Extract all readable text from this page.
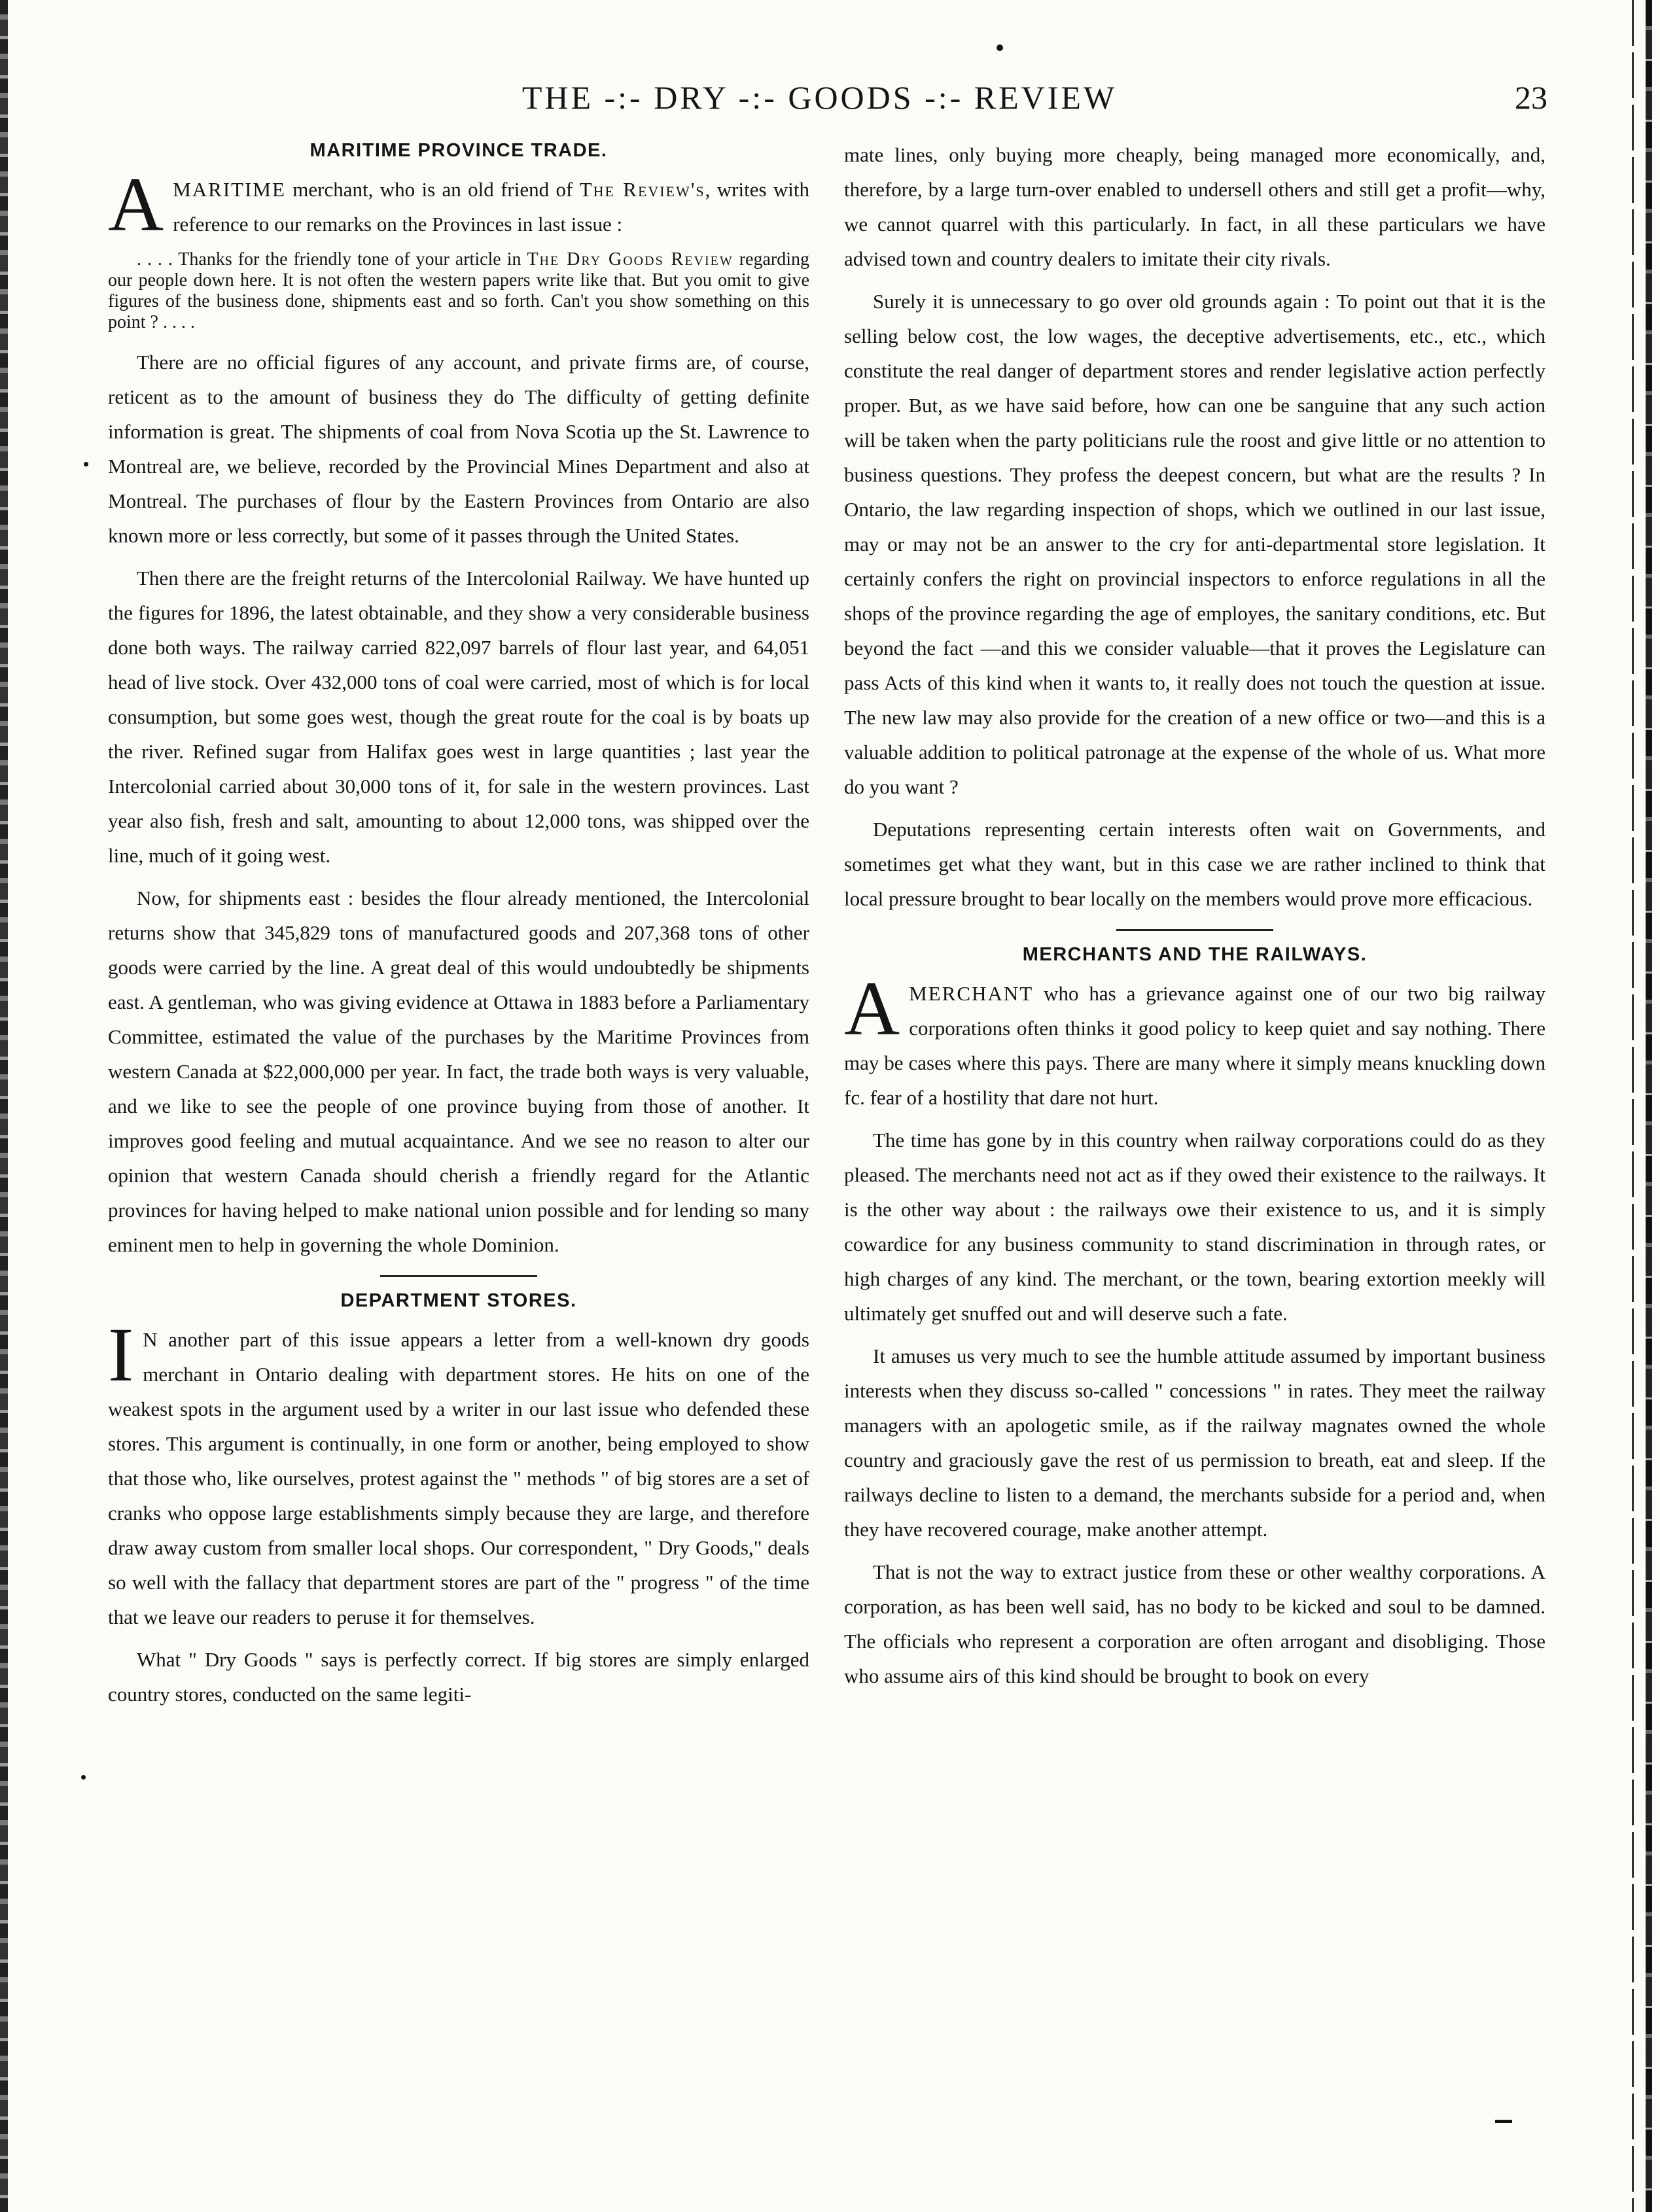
THE -:- DRY -:- GOODS -:- REVIEW	23
MARITIME PROVINCE TRADE.

AMARITIME merchant, who is an old friend of The Review's, writes with reference to our remarks on the Provinces in last issue :

. . . . Thanks for the friendly tone of your article in The Dry Goods Review regarding our people down here. It is not often the western papers write like that. But you omit to give figures of the business done, shipments east and so forth. Can't you show something on this point ? . . . .

There are no official figures of any account, and private firms are, of course, reticent as to the amount of business they do The difficulty of getting definite information is great. The shipments of coal from Nova Scotia up the St. Lawrence to Montreal are, we believe, recorded by the Provincial Mines Department and also at Montreal. The purchases of flour by the Eastern Provinces from Ontario are also known more or less correctly, but some of it passes through the United States.

Then there are the freight returns of the Intercolonial Railway. We have hunted up the figures for 1896, the latest obtainable, and they show a very considerable business done both ways. The railway carried 822,097 barrels of flour last year, and 64,051 head of live stock. Over 432,000 tons of coal were carried, most of which is for local consumption, but some goes west, though the great route for the coal is by boats up the river. Refined sugar from Halifax goes west in large quantities ; last year the Intercolonial carried about 30,000 tons of it, for sale in the western provinces. Last year also fish, fresh and salt, amounting to about 12,000 tons, was shipped over the line, much of it going west.

Now, for shipments east : besides the flour already mentioned, the Intercolonial returns show that 345,829 tons of manufactured goods and 207,368 tons of other goods were carried by the line. A great deal of this would undoubtedly be shipments east. A gentleman, who was giving evidence at Ottawa in 1883 before a Parliamentary Committee, estimated the value of the purchases by the Maritime Provinces from western Canada at $22,000,000 per year. In fact, the trade both ways is very valuable, and we like to see the people of one province buying from those of another. It improves good feeling and mutual acquaintance. And we see no reason to alter our opinion that western Canada should cherish a friendly regard for the Atlantic provinces for having helped to make national union possible and for lending so many eminent men to help in governing the whole Dominion.

DEPARTMENT STORES.

I N another part of this issue appears a letter from a well-known dry goods merchant in Ontario dealing with department stores. He hits on one of the weakest spots in the argument used by a writer in our last issue who defended these stores. This argument is continually, in one form or another, being employed to show that those who, like ourselves, protest against the " methods " of big stores are a set of cranks who oppose large establishments simply because they are large, and therefore draw away custom from smaller local shops. Our correspondent, " Dry Goods," deals so well with the fallacy that department stores are part of the " progress " of the time that we leave our readers to peruse it for themselves.

What " Dry Goods " says is perfectly correct. If big stores are simply enlarged country stores, conducted on the same legiti-

mate lines, only buying more cheaply, being managed more economically, and, therefore, by a large turn-over enabled to undersell others and still get a profit—why, we cannot quarrel with this particularly. In fact, in all these particulars we have advised town and country dealers to imitate their city rivals.

Surely it is unnecessary to go over old grounds again : To point out that it is the selling below cost, the low wages, the deceptive advertisements, etc., etc., which constitute the real danger of department stores and render legislative action perfectly proper. But, as we have said before, how can one be sanguine that any such action will be taken when the party politicians rule the roost and give little or no attention to business questions. They profess the deepest concern, but what are the results ? In Ontario, the law regarding inspection of shops, which we outlined in our last issue, may or may not be an answer to the cry for anti-departmental store legislation. It certainly confers the right on provincial inspectors to enforce regulations in all the shops of the province regarding the age of employes, the sanitary conditions, etc. But beyond the fact —and this we consider valuable—that it proves the Legislature can pass Acts of this kind when it wants to, it really does not touch the question at issue. The new law may also provide for the creation of a new office or two—and this is a valuable addition to political patronage at the expense of the whole of us. What more do you want ?

Deputations representing certain interests often wait on Governments, and sometimes get what they want, but in this case we are rather inclined to think that local pressure brought to bear locally on the members would prove more efficacious.

MERCHANTS AND THE RAILWAYS.

AMERCHANT who has a grievance against one of our two big railway corporations often thinks it good policy to keep quiet and say nothing. There may be cases where this pays. There are many where it simply means knuckling down fc. fear of a hostility that dare not hurt.

The time has gone by in this country when railway corporations could do as they pleased. The merchants need not act as if they owed their existence to the railways. It is the other way about : the railways owe their existence to us, and it is simply cowardice for any business community to stand discrimination in through rates, or high charges of any kind. The merchant, or the town, bearing extortion meekly will ultimately get snuffed out and will deserve such a fate.

It amuses us very much to see the humble attitude assumed by important business interests when they discuss so-called " concessions " in rates. They meet the railway managers with an apologetic smile, as if the railway magnates owned the whole country and graciously gave the rest of us permission to breath, eat and sleep. If the railways decline to listen to a demand, the merchants subside for a period and, when they have recovered courage, make another attempt.

That is not the way to extract justice from these or other wealthy corporations. A corporation, as has been well said, has no body to be kicked and soul to be damned. The officials who represent a corporation are often arrogant and disobliging. Those who assume airs of this kind should be brought to book on every
